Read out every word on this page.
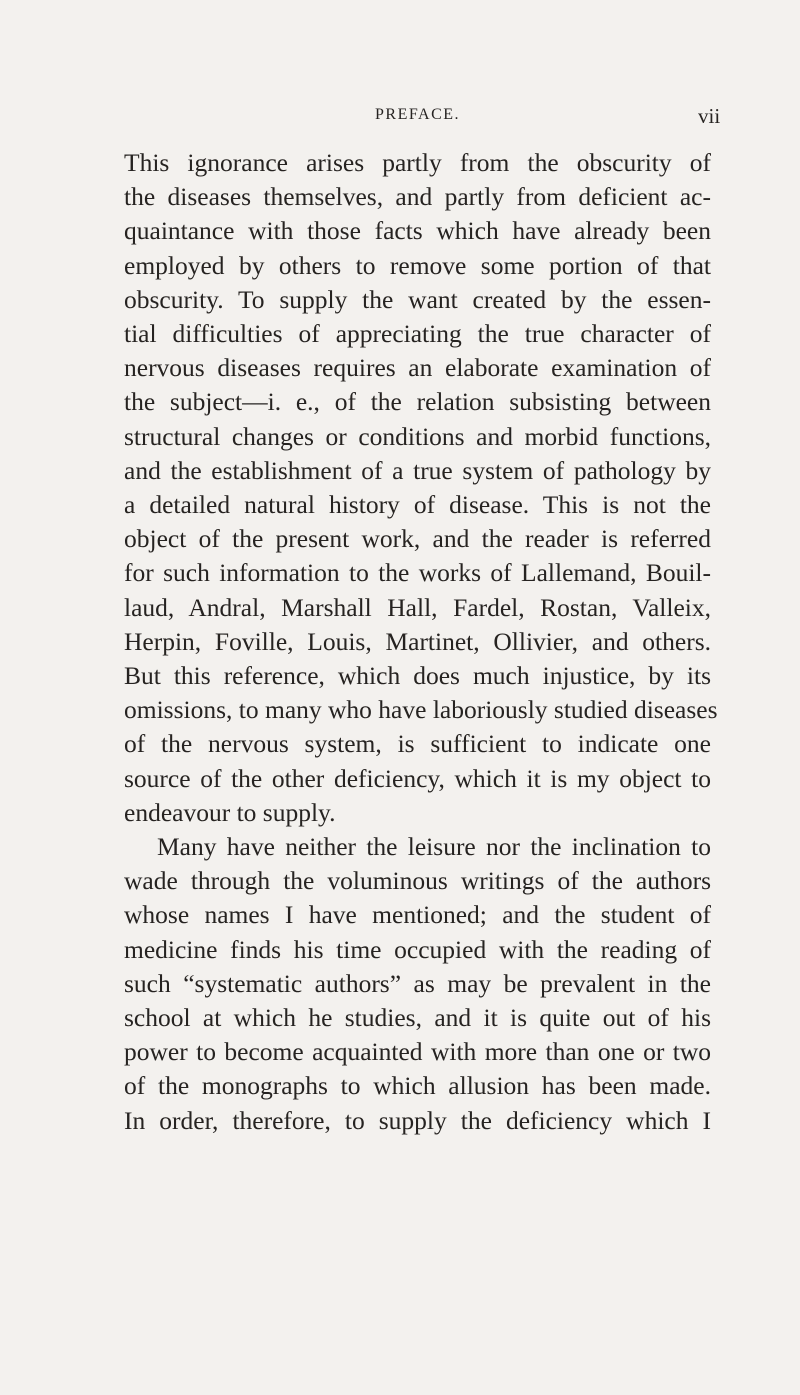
PREFACE.	vii
This ignorance arises partly from the obscurity of
the diseases themselves, and partly from deficient ac-
quaintance with those facts which have already been
employed by others to remove some portion of that
obscurity. To supply the want created by the essen-
tial difficulties of appreciating the true character of
nervous diseases requires an elaborate examination of
the subject—i. e., of the relation subsisting between
structural changes or conditions and morbid functions,
and the establishment of a true system of pathology by
a detailed natural history of disease. This is not the
object of the present work, and the reader is referred
for such information to the works of Lallemand, Bouil-
laud, Andral, Marshall Hall, Fardel, Rostan, Valleix,
Herpin, Foville, Louis, Martinet, Ollivier, and others.
But this reference, which does much injustice, by its
omissions, to many who have laboriously studied diseases
of the nervous system, is sufficient to indicate one
source of the other deficiency, which it is my object to
endeavour to supply.
Many have neither the leisure nor the inclination to
wade through the voluminous writings of the authors
whose names I have mentioned; and the student of
medicine finds his time occupied with the reading of
such “systematic authors” as may be prevalent in the
school at which he studies, and it is quite out of his
power to become acquainted with more than one or two
of the monographs to which allusion has been made.
In order, therefore, to supply the deficiency which I
